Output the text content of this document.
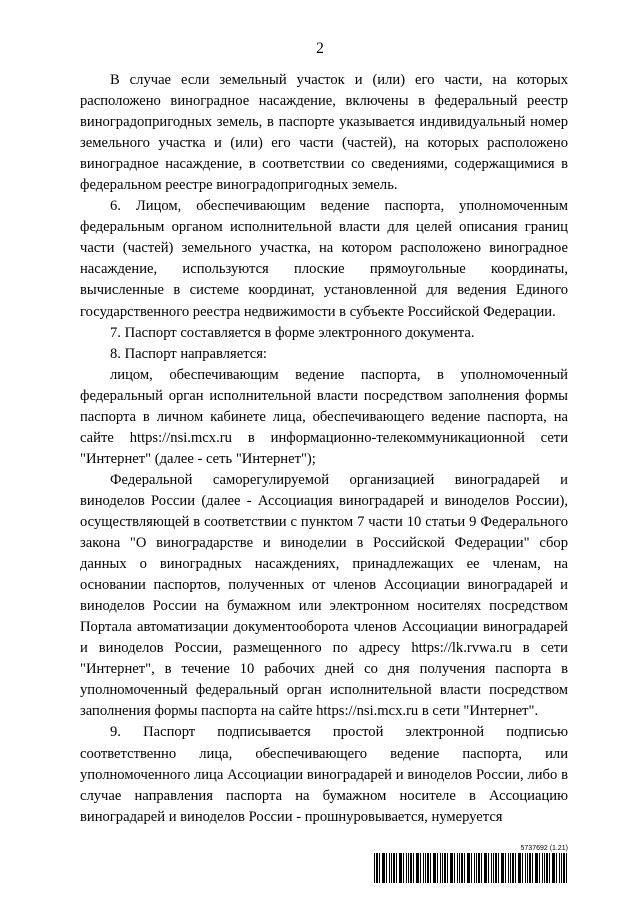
2

В случае если земельный участок и (или) его части, на которых расположено виноградное насаждение, включены в федеральный реестр виноградопригодных земель, в паспорте указывается индивидуальный номер земельного участка и (или) его части (частей), на которых расположено виноградное насаждение, в соответствии со сведениями, содержащимися в федеральном реестре виноградопригодных земель.

6. Лицом, обеспечивающим ведение паспорта, уполномоченным федеральным органом исполнительной власти для целей описания границ части (частей) земельного участка, на котором расположено виноградное насаждение, используются плоские прямоугольные координаты, вычисленные в системе координат, установленной для ведения Единого государственного реестра недвижимости в субъекте Российской Федерации.

7. Паспорт составляется в форме электронного документа.

8. Паспорт направляется:

лицом, обеспечивающим ведение паспорта, в уполномоченный федеральный орган исполнительной власти посредством заполнения формы паспорта в личном кабинете лица, обеспечивающего ведение паспорта, на сайте https://nsi.mcx.ru в информационно-телекоммуникационной сети "Интернет" (далее - сеть "Интернет");

Федеральной саморегулируемой организацией виноградарей и виноделов России (далее - Ассоциация виноградарей и виноделов России), осуществляющей в соответствии с пунктом 7 части 10 статьи 9 Федерального закона "О виноградарстве и виноделии в Российской Федерации" сбор данных о виноградных насаждениях, принадлежащих ее членам, на основании паспортов, полученных от членов Ассоциации виноградарей и виноделов России на бумажном или электронном носителях посредством Портала автоматизации документооборота членов Ассоциации виноградарей и виноделов России, размещенного по адресу https://lk.rvwa.ru в сети "Интернет", в течение 10 рабочих дней со дня получения паспорта в уполномоченный федеральный орган исполнительной власти посредством заполнения формы паспорта на сайте https://nsi.mcx.ru в сети "Интернет".

9. Паспорт подписывается простой электронной подписью соответственно лица, обеспечивающего ведение паспорта, или уполномоченного лица Ассоциации виноградарей и виноделов России, либо в случае направления паспорта на бумажном носителе в Ассоциацию виноградарей и виноделов России - прошнуровывается, нумеруется

5737692 (1.21)
